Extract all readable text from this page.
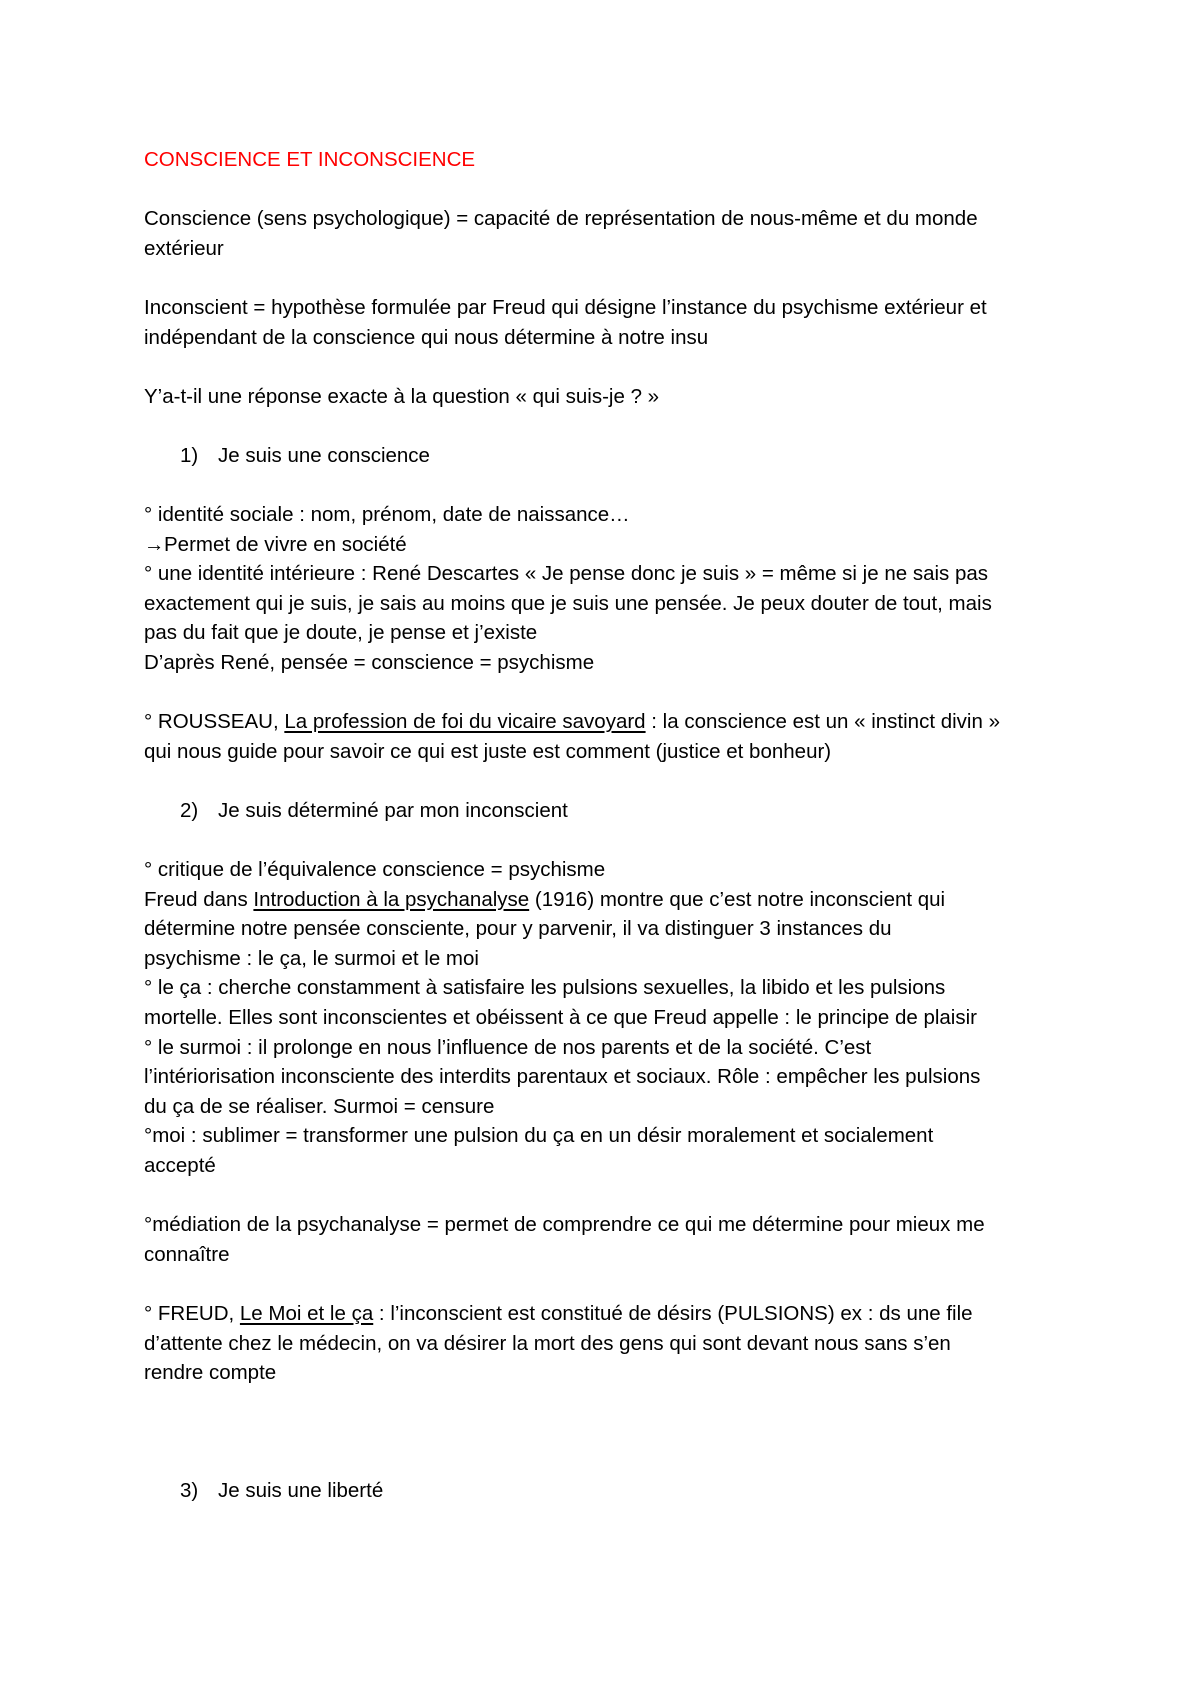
CONSCIENCE ET INCONSCIENCE

Conscience (sens psychologique) = capacité de représentation de nous-même et du monde

extérieur

Inconscient = hypothèse formulée par Freud qui désigne l’instance du psychisme extérieur et

indépendant de la conscience qui nous détermine à notre insu

Y’a-t-il une réponse exacte à la question « qui suis-je ? »

1) Je suis une conscience

° identité sociale : nom, prénom, date de naissance…

→Permet de vivre en société

° une identité intérieure : René Descartes « Je pense donc je suis » = même si je ne sais pas

exactement qui je suis, je sais au moins que je suis une pensée. Je peux douter de tout, mais

pas du fait que je doute, je pense et j’existe

D’après René, pensée = conscience = psychisme

° ROUSSEAU, La profession de foi du vicaire savoyard : la conscience est un « instinct divin »

qui nous guide pour savoir ce qui est juste est comment (justice et bonheur)

2) Je suis déterminé par mon inconscient

° critique de l’équivalence conscience = psychisme

Freud dans Introduction à la psychanalyse (1916) montre que c’est notre inconscient qui

détermine notre pensée consciente, pour y parvenir, il va distinguer 3 instances du

psychisme : le ça, le surmoi et le moi

° le ça : cherche constamment à satisfaire les pulsions sexuelles, la libido et les pulsions

mortelle. Elles sont inconscientes et obéissent à ce que Freud appelle : le principe de plaisir

° le surmoi : il prolonge en nous l’influence de nos parents et de la société. C’est

l’intériorisation inconsciente des interdits parentaux et sociaux. Rôle : empêcher les pulsions

du ça de se réaliser. Surmoi = censure

°moi : sublimer = transformer une pulsion du ça en un désir moralement et socialement

accepté

°médiation de la psychanalyse = permet de comprendre ce qui me détermine pour mieux me

connaître

° FREUD, Le Moi et le ça : l’inconscient est constitué de désirs (PULSIONS) ex : ds une file

d’attente chez le médecin, on va désirer la mort des gens qui sont devant nous sans s’en

rendre compte

3) Je suis une liberté
